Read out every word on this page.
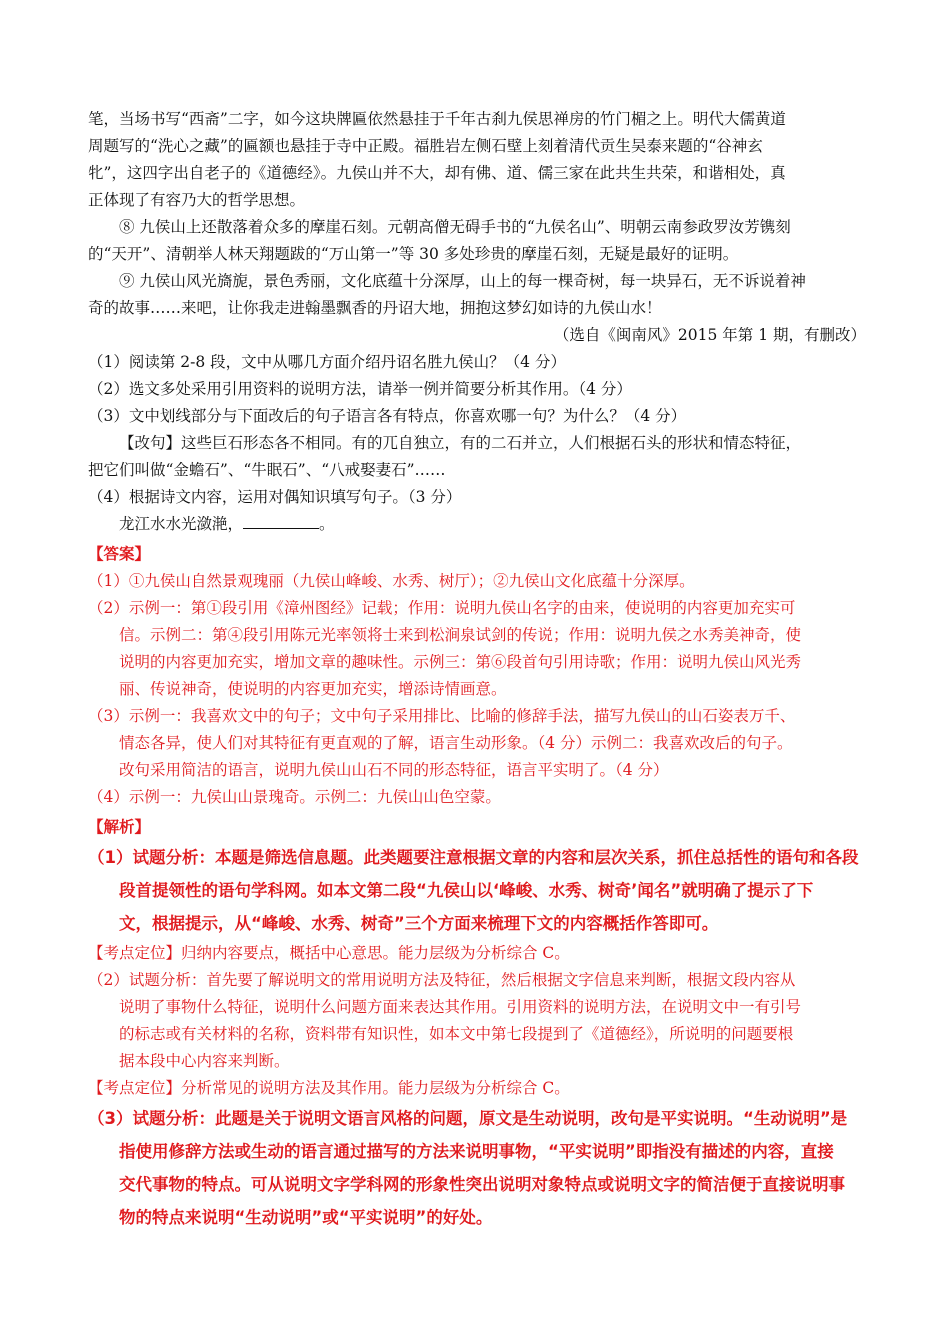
笔，当场书写“西斋”二字，如今这块牌匾依然悬挂于千年古刹九侯思禅房的竹门楣之上。明代大儒黄道

周题写的“洗心之藏”的匾额也悬挂于寺中正殿。福胜岩左侧石壁上刻着清代贡生吴泰来题的“谷神玄

牝”，这四字出自老子的《道德经》。九侯山并不大，却有佛、道、儒三家在此共生共荣，和谐相处，真

正体现了有容乃大的哲学思想。

⑧ 九侯山上还散落着众多的摩崖石刻。元朝高僧无碍手书的“九侯名山”、明朝云南参政罗汝芳镌刻

的“天开”、清朝举人林天翔题跋的“万山第一”等 30 多处珍贵的摩崖石刻，无疑是最好的证明。

⑨ 九侯山风光旖旎，景色秀丽，文化底蕴十分深厚，山上的每一棵奇树，每一块异石，无不诉说着神

奇的故事……来吧，让你我走进翰墨飘香的丹诏大地，拥抱这梦幻如诗的九侯山水！

（选自《闽南风》2015 年第 1 期，有删改）

（1）阅读第 2-8 段，文中从哪几方面介绍丹诏名胜九侯山？（4 分）

（2）选文多处采用引用资料的说明方法，请举一例并简要分析其作用。（4 分）

（3）文中划线部分与下面改后的句子语言各有特点，你喜欢哪一句？为什么？（4 分）

【改句】这些巨石形态各不相同。有的兀自独立，有的二石并立，人们根据石头的形状和情态特征，

把它们叫做“金蟾石”、“牛眠石”、“八戒娶妻石”……

（4）根据诗文内容，运用对偶知识填写句子。（3 分）

龙江水水光潋滟，	。

【答案】

（1）①九侯山自然景观瑰丽（九侯山峰峻、水秀、树厅）；②九侯山文化底蕴十分深厚。

（2）示例一：第①段引用《漳州图经》记载；作用：说明九侯山名字的由来，使说明的内容更加充实可

信。示例二：第④段引用陈元光率领将士来到松涧泉试剑的传说；作用：说明九侯之水秀美神奇，使

说明的内容更加充实，增加文章的趣味性。示例三：第⑥段首句引用诗歌；作用：说明九侯山风光秀

丽、传说神奇，使说明的内容更加充实，增添诗情画意。

（3）示例一：我喜欢文中的句子；文中句子采用排比、比喻的修辞手法，描写九侯山的山石姿表万千、

情态各异，使人们对其特征有更直观的了解，语言生动形象。（4 分）示例二：我喜欢改后的句子。

改句采用简洁的语言，说明九侯山山石不同的形态特征，语言平实明了。（4 分）

（4）示例一：九侯山山景瑰奇。示例二：九侯山山色空蒙。

【解析】

（1）试题分析：本题是筛选信息题。此类题要注意根据文章的内容和层次关系，抓住总括性的语句和各段

段首提领性的语句学科网。如本文第二段“九侯山以‘峰峻、水秀、树奇’闻名”就明确了提示了下

文，根据提示，从“峰峻、水秀、树奇”三个方面来梳理下文的内容概括作答即可。

【考点定位】归纳内容要点，概括中心意思。能力层级为分析综合 C。

（2）试题分析：首先要了解说明文的常用说明方法及特征，然后根据文字信息来判断，根据文段内容从

说明了事物什么特征，说明什么问题方面来表达其作用。引用资料的说明方法，在说明文中一有引号

的标志或有关材料的名称，资料带有知识性，如本文中第七段提到了《道德经》，所说明的问题要根

据本段中心内容来判断。

【考点定位】分析常见的说明方法及其作用。能力层级为分析综合 C。

（3）试题分析：此题是关于说明文语言风格的问题，原文是生动说明，改句是平实说明。“生动说明”是

指使用修辞方法或生动的语言通过描写的方法来说明事物，“平实说明”即指没有描述的内容，直接

交代事物的特点。可从说明文字学科网的形象性突出说明对象特点或说明文字的简洁便于直接说明事

物的特点来说明“生动说明”或“平实说明”的好处。
